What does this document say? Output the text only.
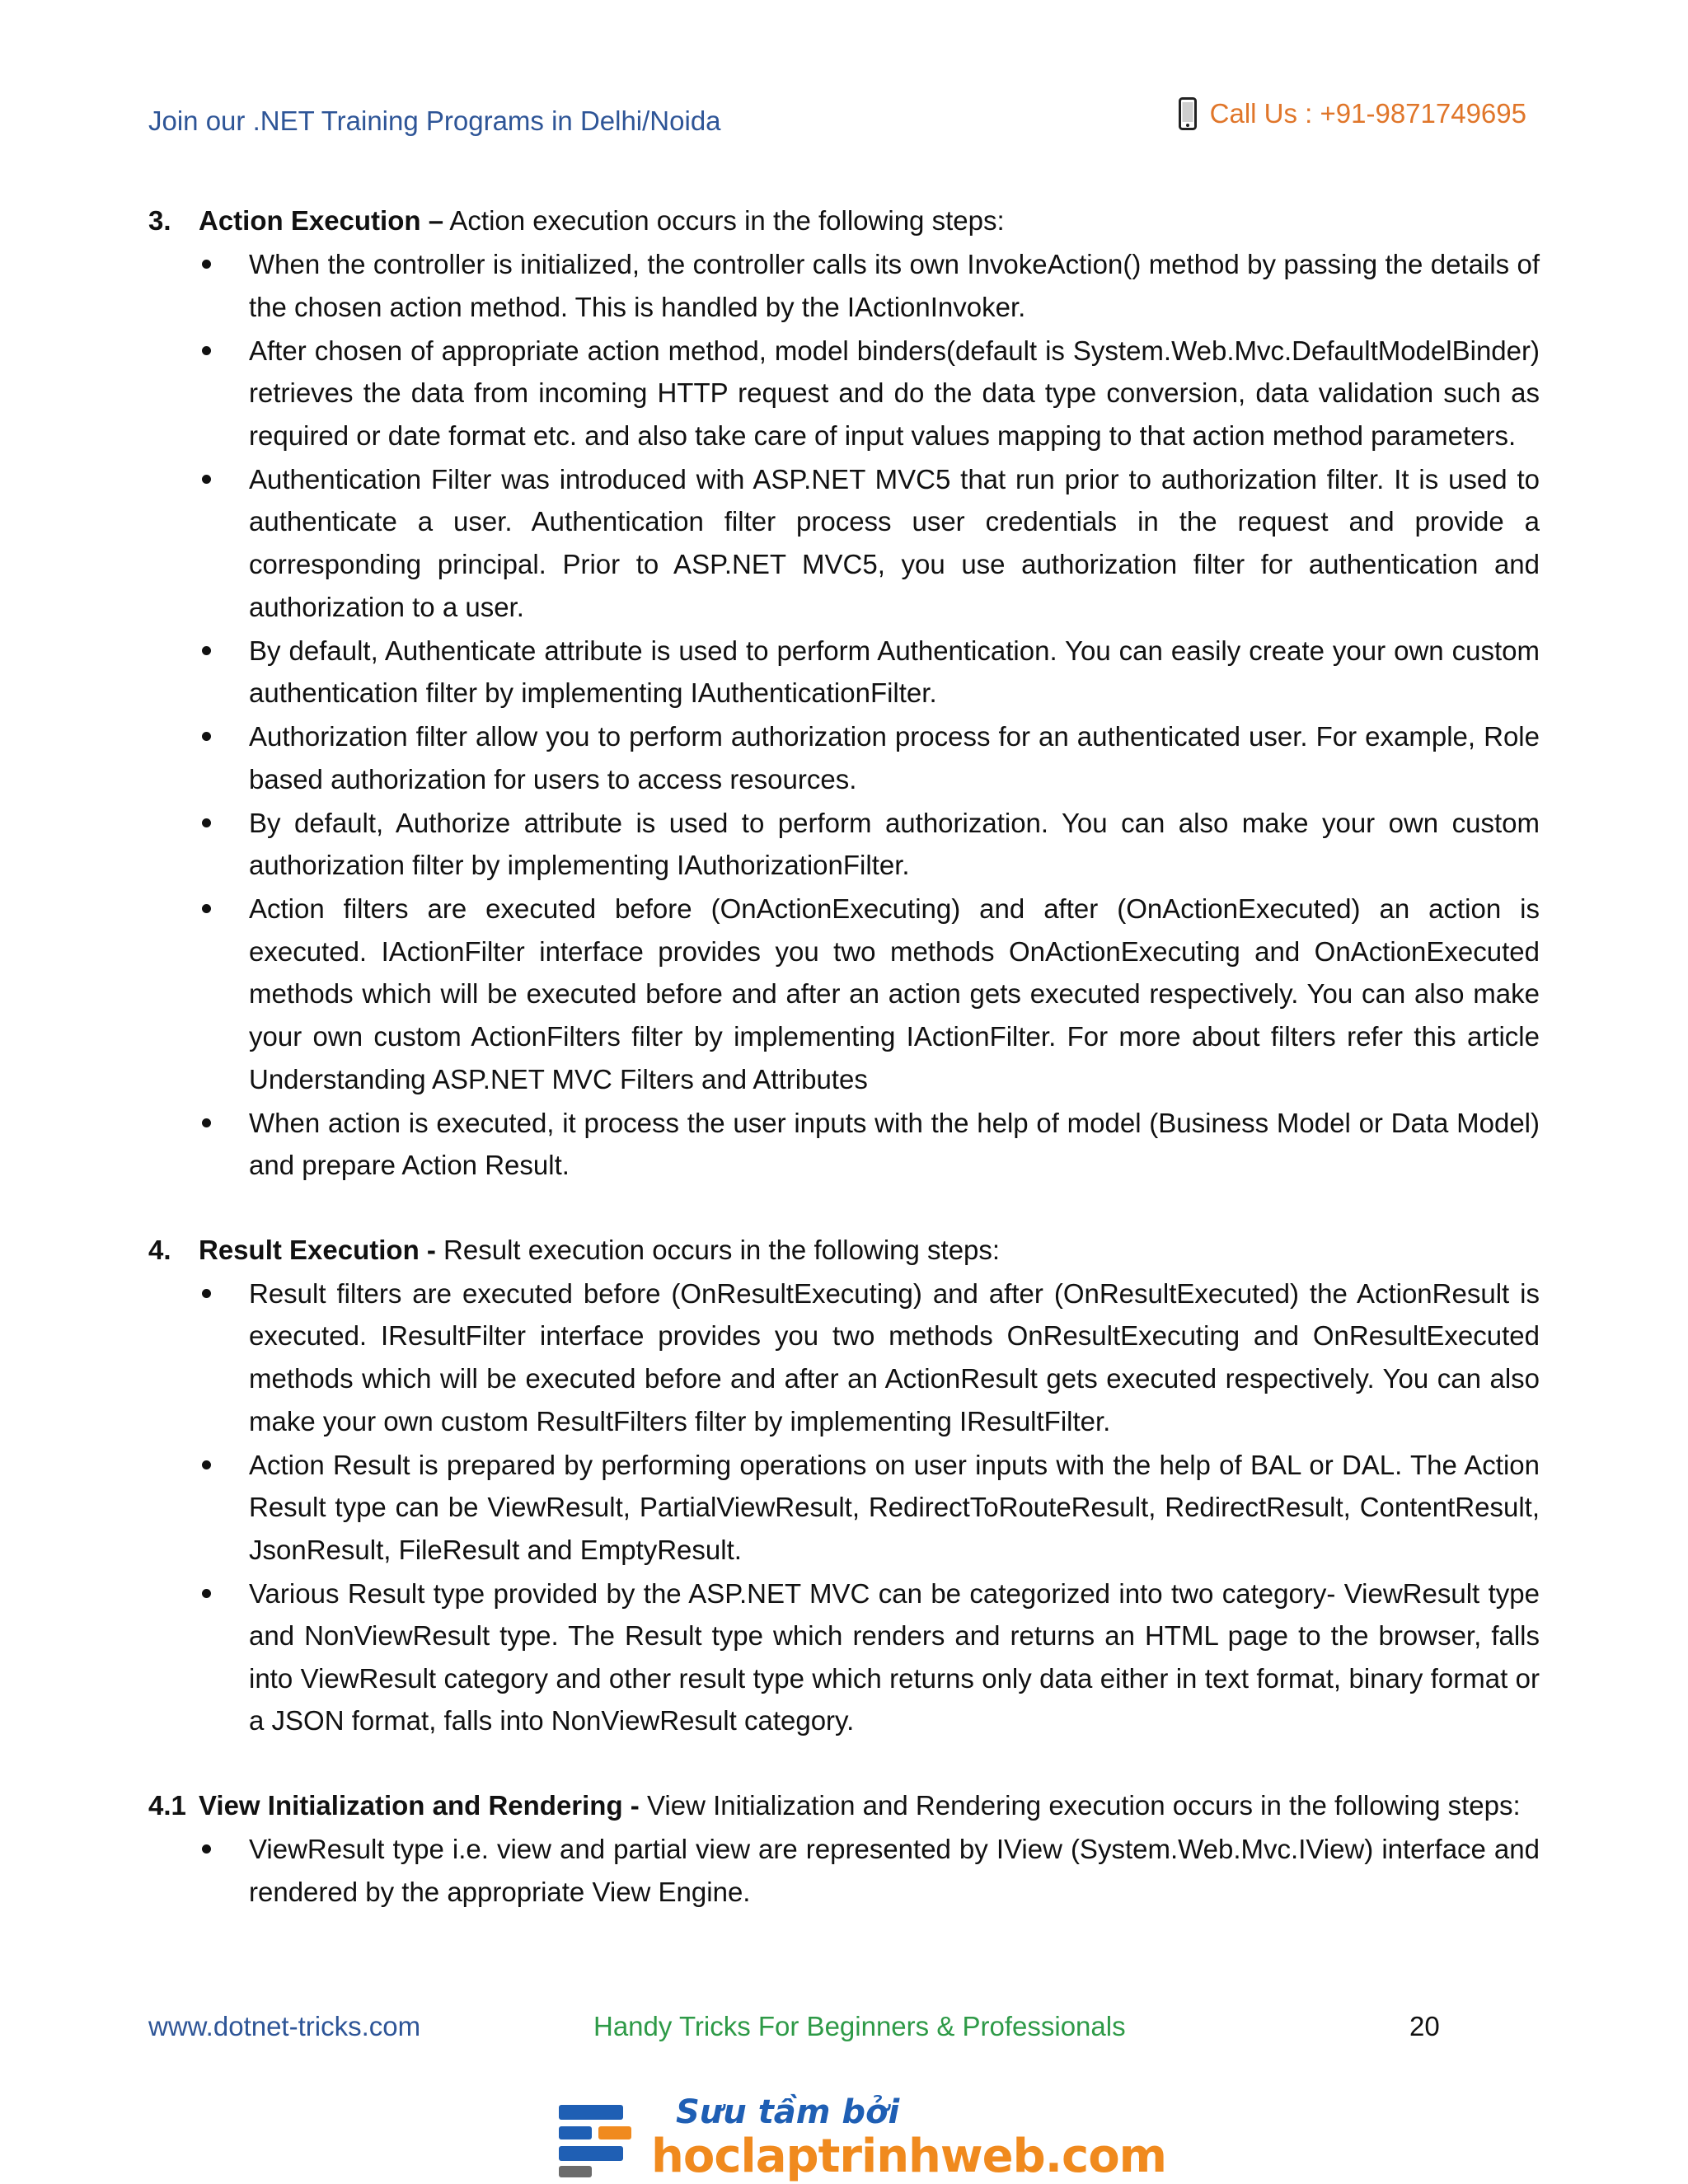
Join our .NET Training Programs in Delhi/Noida	Call Us : +91-9871749695
3.	Action Execution – Action execution occurs in the following steps:
When the controller is initialized, the controller calls its own InvokeAction() method by passing the details of the chosen action method. This is handled by the IActionInvoker.
After chosen of appropriate action method, model binders(default is System.Web.Mvc.DefaultModelBinder) retrieves the data from incoming HTTP request and do the data type conversion, data validation such as required or date format etc. and also take care of input values mapping to that action method parameters.
Authentication Filter was introduced with ASP.NET MVC5 that run prior to authorization filter. It is used to authenticate a user. Authentication filter process user credentials in the request and provide a corresponding principal. Prior to ASP.NET MVC5, you use authorization filter for authentication and authorization to a user.
By default, Authenticate attribute is used to perform Authentication. You can easily create your own custom authentication filter by implementing IAuthenticationFilter.
Authorization filter allow you to perform authorization process for an authenticated user. For example, Role based authorization for users to access resources.
By default, Authorize attribute is used to perform authorization. You can also make your own custom authorization filter by implementing IAuthorizationFilter.
Action filters are executed before (OnActionExecuting) and after (OnActionExecuted) an action is executed. IActionFilter interface provides you two methods OnActionExecuting and OnActionExecuted methods which will be executed before and after an action gets executed respectively. You can also make your own custom ActionFilters filter by implementing IActionFilter. For more about filters refer this article Understanding ASP.NET MVC Filters and Attributes
When action is executed, it process the user inputs with the help of model (Business Model or Data Model) and prepare Action Result.
4.	Result Execution - Result execution occurs in the following steps:
Result filters are executed before (OnResultExecuting) and after (OnResultExecuted) the ActionResult is executed. IResultFilter interface provides you two methods OnResultExecuting and OnResultExecuted methods which will be executed before and after an ActionResult gets executed respectively. You can also make your own custom ResultFilters filter by implementing IResultFilter.
Action Result is prepared by performing operations on user inputs with the help of BAL or DAL. The Action Result type can be ViewResult, PartialViewResult, RedirectToRouteResult, RedirectResult, ContentResult, JsonResult, FileResult and EmptyResult.
Various Result type provided by the ASP.NET MVC can be categorized into two category- ViewResult type and NonViewResult type. The Result type which renders and returns an HTML page to the browser, falls into ViewResult category and other result type which returns only data either in text format, binary format or a JSON format, falls into NonViewResult category.
4.1 View Initialization and Rendering - View Initialization and Rendering execution occurs in the following steps:
ViewResult type i.e. view and partial view are represented by IView (System.Web.Mvc.IView) interface and rendered by the appropriate View Engine.
www.dotnet-tricks.com	Handy Tricks For Beginners & Professionals	20
Sưu tầm bởi
hoclaptrinhweb.com
